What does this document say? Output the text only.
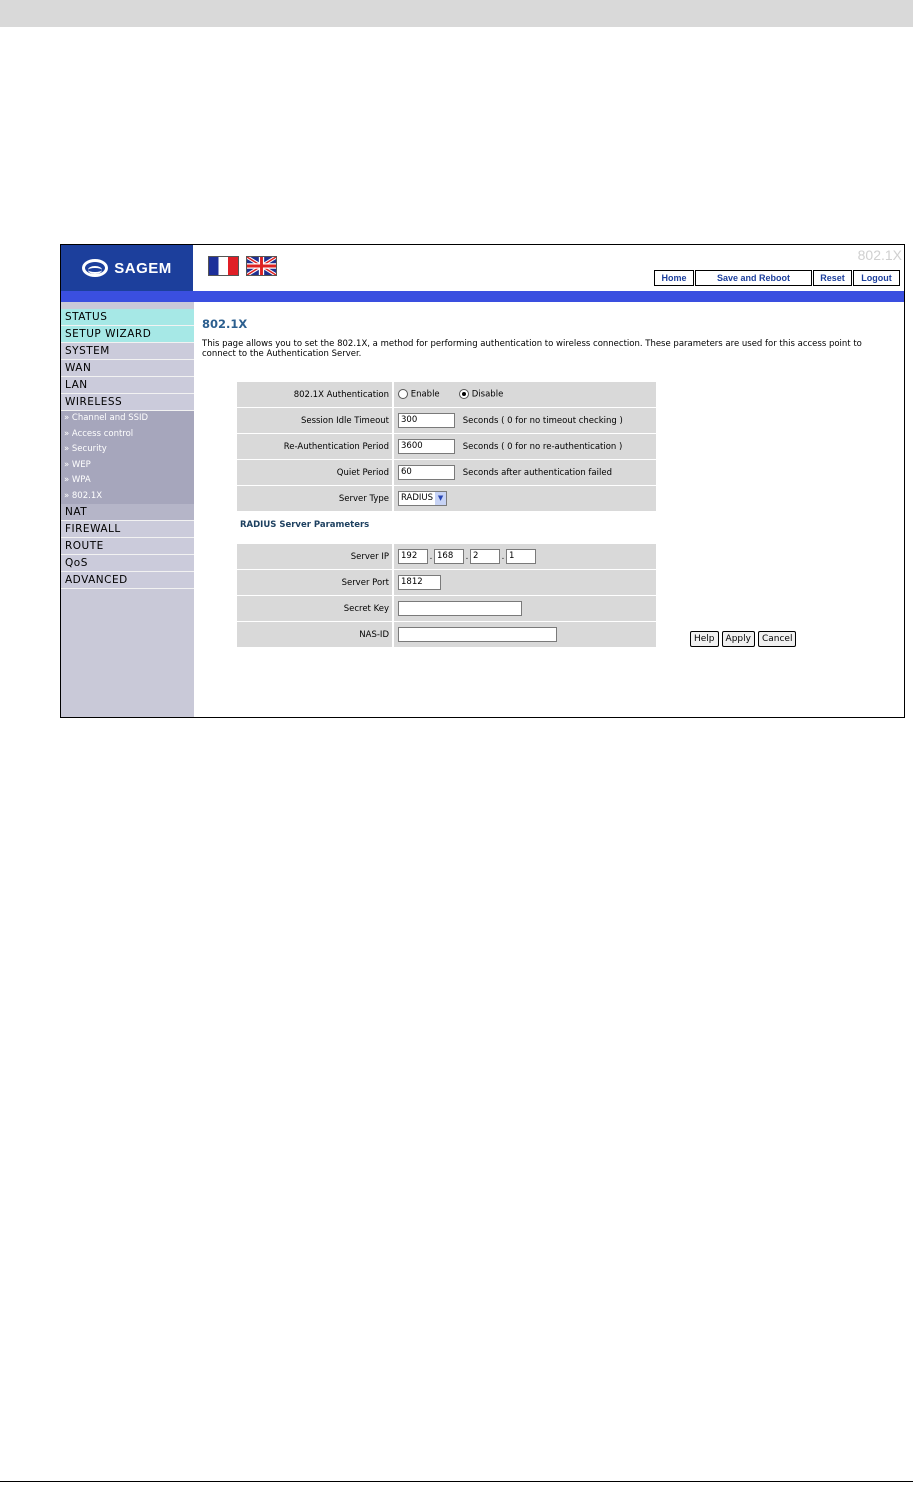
SAGEM
802.1X
Home	Save and Reboot	Reset	Logout
STATUS
SETUP WIZARD
SYSTEM
WAN
LAN
WIRELESS
» Channel and SSID
» Access control
» Security
» WEP
» WPA
» 802.1X
NAT
FIREWALL
ROUTE
QoS
ADVANCED
802.1X
This page allows you to set the 802.1X, a method for performing authentication to wireless connection. These parameters are used for this access point to connect to the Authentication Server.
802.1X Authentication	Enable Disable
Session Idle Timeout	300 Seconds ( 0 for no timeout checking )
Re-Authentication Period	3600 Seconds ( 0 for no re-authentication )
Quiet Period	60 Seconds after authentication failed
Server Type	RADIUS ▼
RADIUS Server Parameters
Server IP	192 . 168 . 2 . 1
Server Port	1812
Secret Key	
NAS-ID		Help	Apply	Cancel
